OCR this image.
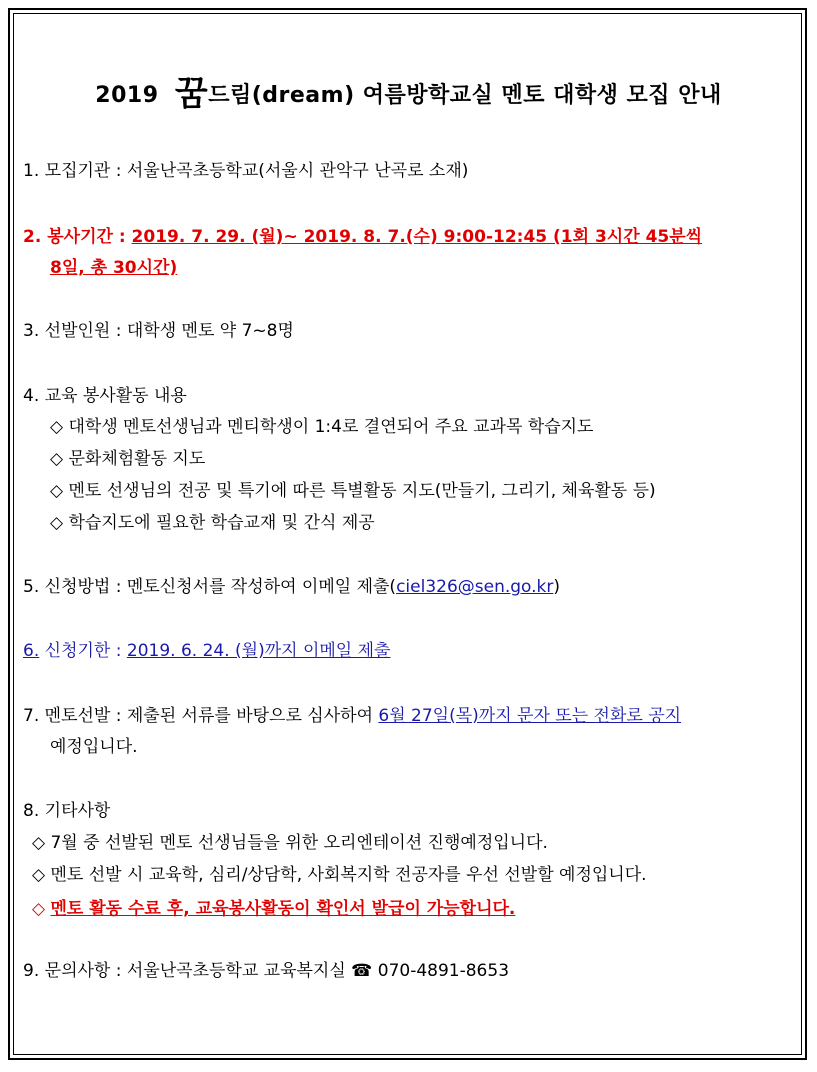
2019 꿈드림(dream) 여름방학교실 멘토 대학생 모집 안내
1. 모집기관 : 서울난곡초등학교(서울시 관악구 난곡로 소재)
2. 봉사기간 : 2019. 7. 29. (월)~ 2019. 8. 7.(수) 9:00-12:45 (1회 3시간 45분씩
8일, 총 30시간)
3. 선발인원 : 대학생 멘토 약 7~8명
4. 교육 봉사활동 내용
◇ 대학생 멘토선생님과 멘티학생이 1:4로 결연되어 주요 교과목 학습지도
◇ 문화체험활동 지도
◇ 멘토 선생님의 전공 및 특기에 따른 특별활동 지도(만들기, 그리기, 체육활동 등)
◇ 학습지도에 필요한 학습교재 및 간식 제공
5. 신청방법 : 멘토신청서를 작성하여 이메일 제출(ciel326@sen.go.kr)
6. 신청기한 : 2019. 6. 24. (월)까지 이메일 제출
7. 멘토선발 : 제출된 서류를 바탕으로 심사하여 6월 27일(목)까지 문자 또는 전화로 공지
예정입니다.
8. 기타사항
◇ 7월 중 선발된 멘토 선생님들을 위한 오리엔테이션 진행예정입니다.
◇ 멘토 선발 시 교육학, 심리/상담학, 사회복지학 전공자를 우선 선발할 예정입니다.
◇ 멘토 활동 수료 후, 교육봉사활동이 확인서 발급이 가능합니다.
9. 문의사항 : 서울난곡초등학교 교육복지실 ☎ 070-4891-8653
